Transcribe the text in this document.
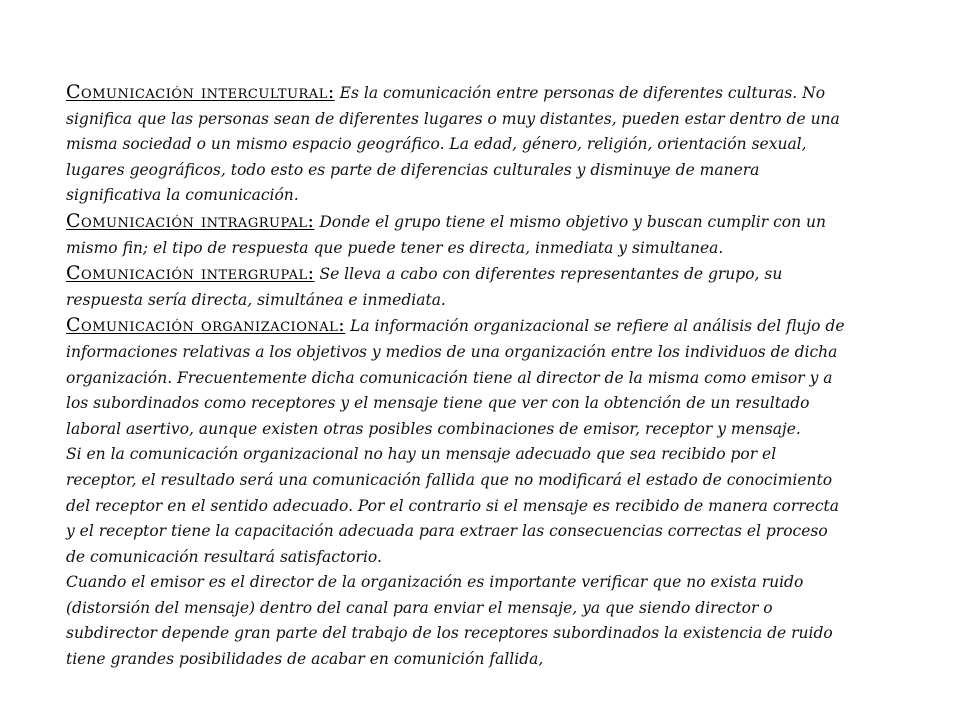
Comunicación intercultural: Es la comunicación entre personas de diferentes culturas. No significa que las personas sean de diferentes lugares o muy distantes, pueden estar dentro de una misma sociedad o un mismo espacio geográfico. La edad, género, religión, orientación sexual, lugares geográficos, todo esto es parte de diferencias culturales y disminuye de manera significativa la comunicación.

Comunicación intragrupal: Donde el grupo tiene el mismo objetivo y buscan cumplir con un mismo fin; el tipo de respuesta que puede tener es directa, inmediata y simultanea.

Comunicación intergrupal: Se lleva a cabo con diferentes representantes de grupo, su respuesta sería directa, simultánea e inmediata.

Comunicación organizacional: La información organizacional se refiere al análisis del flujo de informaciones relativas a los objetivos y medios de una organización entre los individuos de dicha organización. Frecuentemente dicha comunicación tiene al director de la misma como emisor y a los subordinados como receptores y el mensaje tiene que ver con la obtención de un resultado laboral asertivo, aunque existen otras posibles combinaciones de emisor, receptor y mensaje.

Si en la comunicación organizacional no hay un mensaje adecuado que sea recibido por el receptor, el resultado será una comunicación fallida que no modificará el estado de conocimiento del receptor en el sentido adecuado. Por el contrario si el mensaje es recibido de manera correcta y el receptor tiene la capacitación adecuada para extraer las consecuencias correctas el proceso de comunicación resultará satisfactorio.

Cuando el emisor es el director de la organización es importante verificar que no exista ruido (distorsión del mensaje) dentro del canal para enviar el mensaje, ya que siendo director o subdirector depende gran parte del trabajo de los receptores subordinados la existencia de ruido tiene grandes posibilidades de acabar en comunición fallida,
